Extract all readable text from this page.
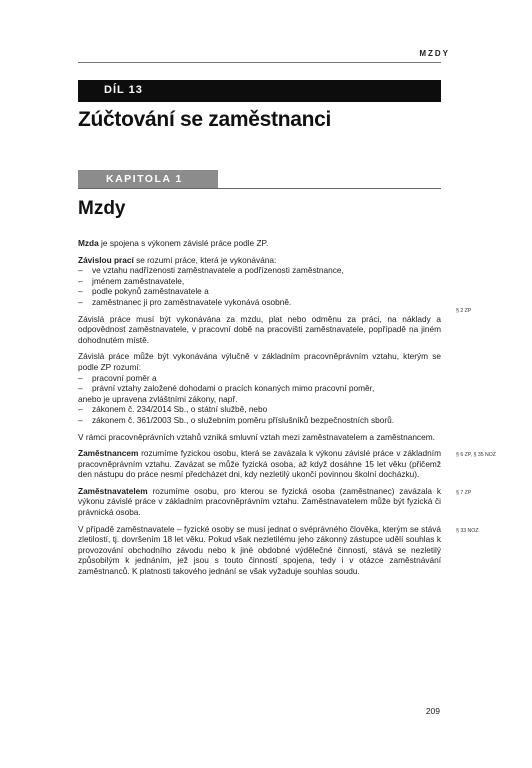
MZDY
DÍL 13
Zúčtování se zaměstnanci
KAPITOLA 1
Mzdy

Mzda je spojena s výkonem závislé práce podle ZP.

Závislou prací se rozumí práce, která je vykonávána:
– ve vztahu nadřízenosti zaměstnavatele a podřízenosti zaměstnance,
– jménem zaměstnavatele,
– podle pokynů zaměstnavatele a
– zaměstnanec ji pro zaměstnavatele vykonává osobně.
§ 2 ZP

Závislá práce musí být vykonávána za mzdu, plat nebo odměnu za práci, na náklady a odpovědnost zaměstnavatele, v pracovní době na pracovišti zaměstnavatele, popřípadě na jiném dohodnutém místě.

Závislá práce může být vykonávána výlučně v základním pracovněprávním vztahu, kterým se podle ZP rozumí:
– pracovní poměr a
– právní vztahy založené dohodami o pracích konaných mimo pracovní poměr,
anebo je upravena zvláštními zákony, např.
– zákonem č. 234/2014 Sb., o státní službě, nebo
– zákonem č. 361/2003 Sb., o služebním poměru příslušníků bezpečnostních sborů.

V rámci pracovněprávních vztahů vzniká smluvní vztah mezi zaměstnavatelem a zaměstnancem.

Zaměstnancem rozumíme fyzickou osobu, která se zavázala k výkonu závislé práce v základním pracovněprávním vztahu. Zavázat se může fyzická osoba, až když dosáhne 15 let věku (přičemž den nástupu do práce nesmí předcházet dni, kdy nezletilý ukončí povinnou školní docházku).
§ 6 ZP, § 35 NOZ
Zaměstnavatelem rozumíme osobu, pro kterou se fyzická osoba (zaměstnanec) zavázala k výkonu závislé práce v základním pracovněprávním vztahu. Zaměstnavatelem může být fyzická či právnická osoba.
§ 7 ZP
V případě zaměstnavatele – fyzické osoby se musí jednat o svéprávného člověka, kterým se stává zletilostí, tj. dovršením 18 let věku. Pokud však nezletilému jeho zákonný zástupce udělí souhlas k provozování obchodního závodu nebo k jiné obdobné výdělečné činnosti, stává se nezletilý způsobilým k jednáním, jež jsou s touto činností spojena, tedy i v otázce zaměstnávání zaměstnanců. K platnosti takového jednání se však vyžaduje souhlas soudu.
§ 33 NOZ
209
